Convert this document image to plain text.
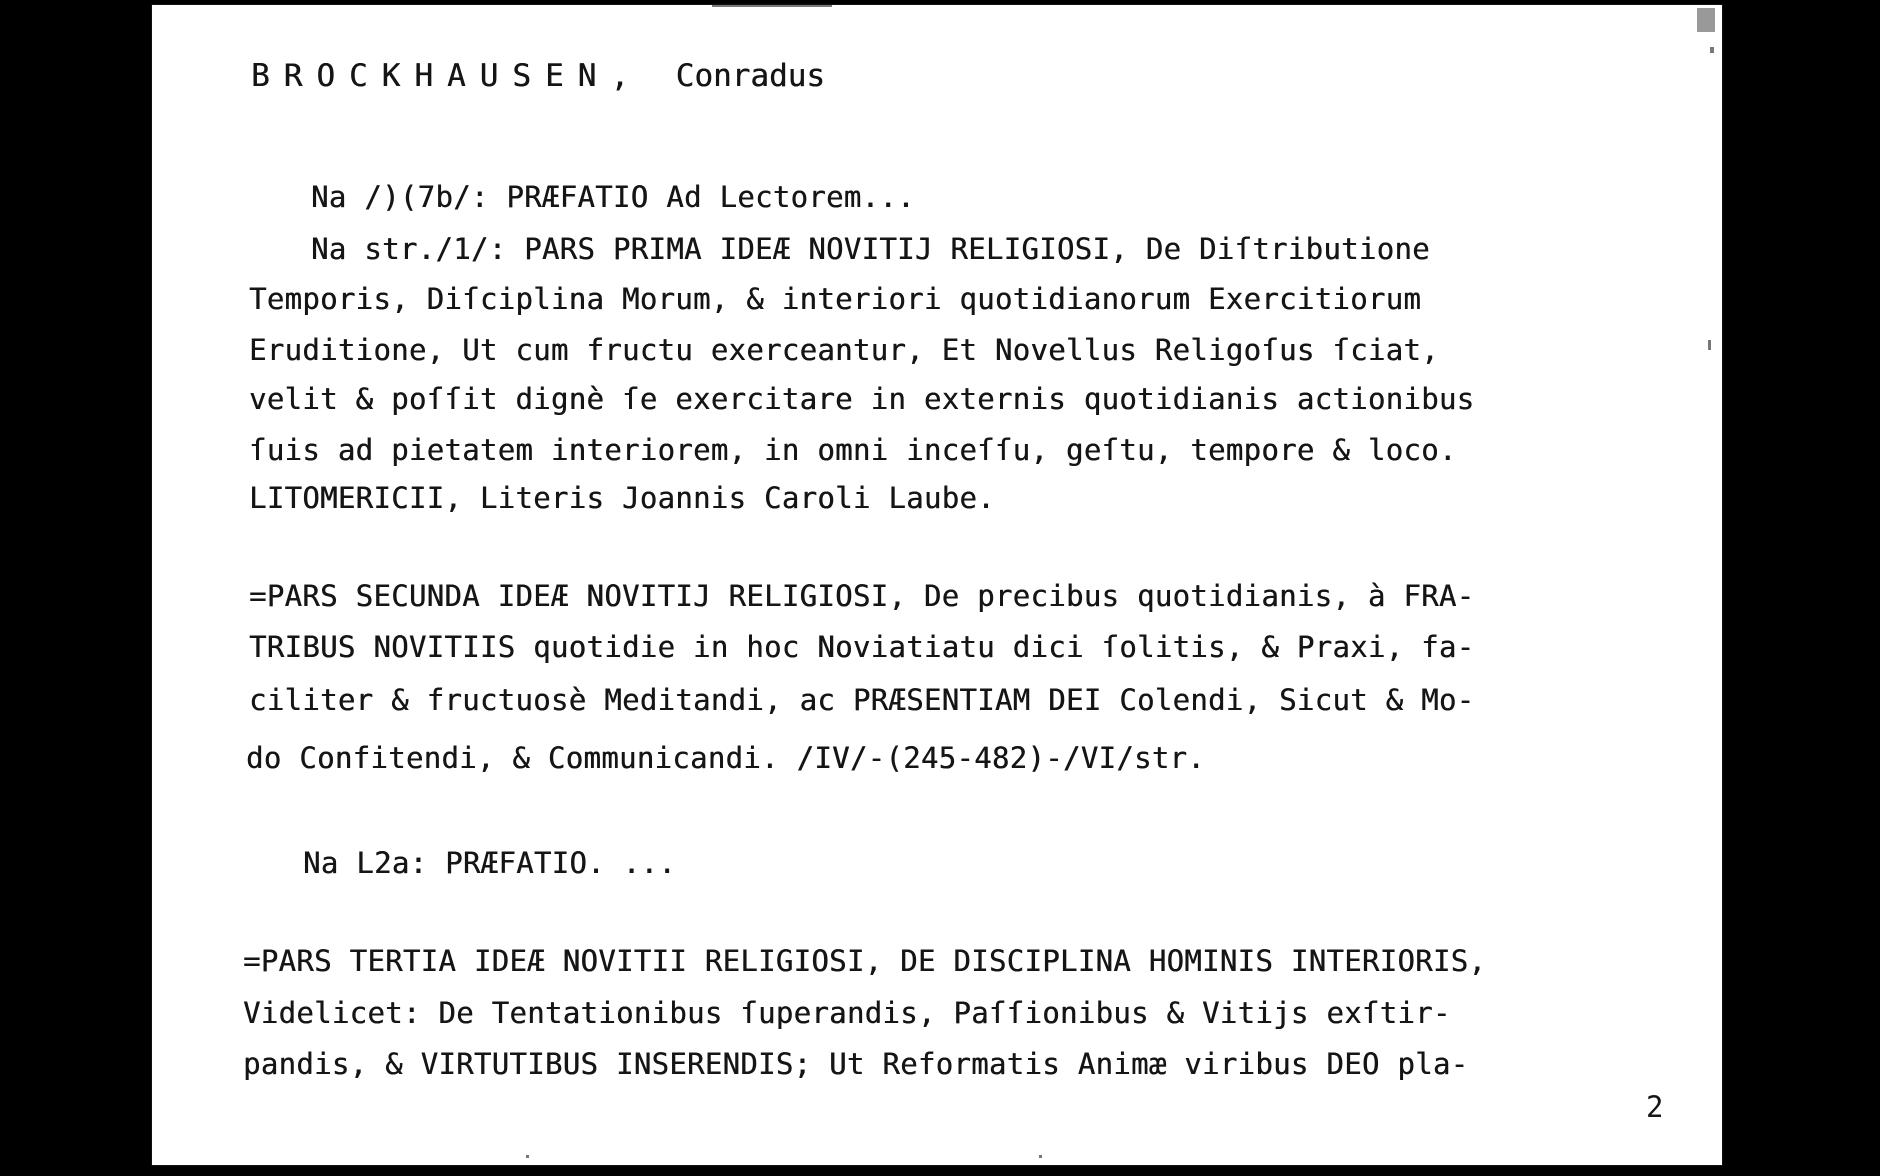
BROCKHAUSEN, Conradus
Na /)(7b/: PRÆFATIO Ad Lectorem...
Na str./1/: PARS PRIMA IDEÆ NOVITIJ RELIGIOSI, De Diſtributione
Temporis, Diſciplina Morum, & interiori quotidianorum Exercitiorum
Eruditione, Ut cum fructu exerceantur, Et Novellus Religoſus ſciat,
velit & poſſit dignè ſe exercitare in externis quotidianis actionibus
ſuis ad pietatem interiorem, in omni inceſſu, geſtu, tempore & loco.
LITOMERICII, Literis Joannis Caroli Laube.
=PARS SECUNDA IDEÆ NOVITIJ RELIGIOSI, De precibus quotidianis, à FRA-
TRIBUS NOVITIIS quotidie in hoc Noviatiatu dici ſolitis, & Praxi, fa-
ciliter & fructuosè Meditandi, ac PRÆSENTIAM DEI Colendi, Sicut & Mo-
do Confitendi, & Communicandi. /IV/-(245-482)-/VI/str.
Na L2a: PRÆFATIO. ...
=PARS TERTIA IDEÆ NOVITII RELIGIOSI, DE DISCIPLINA HOMINIS INTERIORIS,
Videlicet: De Tentationibus ſuperandis, Paſſionibus & Vitijs exſtir-
pandis, & VIRTUTIBUS INSERENDIS; Ut Reformatis Animæ viribus DEO pla-
2
